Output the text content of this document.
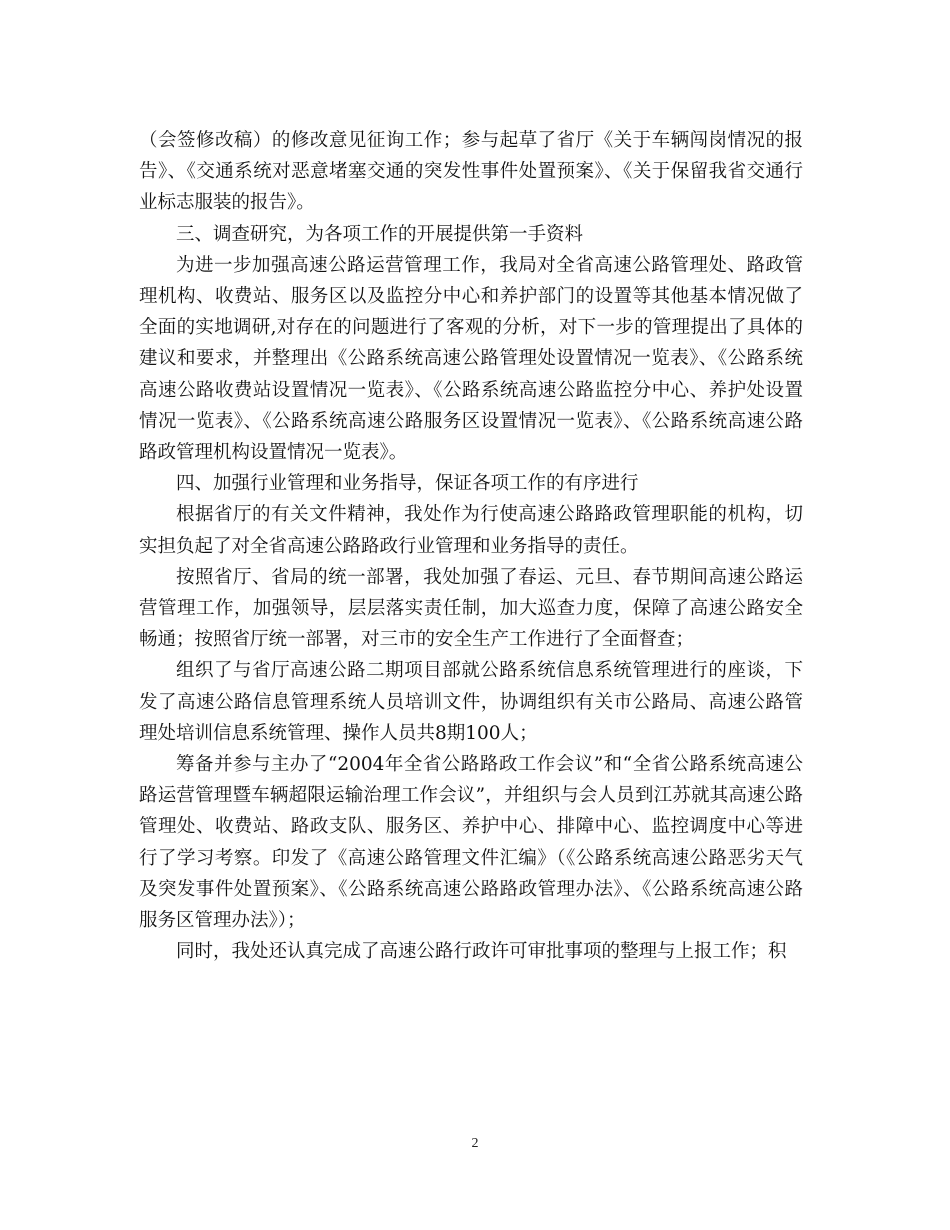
（会签修改稿）的修改意见征询工作；参与起草了省厅《关于车辆闯岗情况的报告》、《交通系统对恶意堵塞交通的突发性事件处置预案》、《关于保留我省交通行业标志服装的报告》。

三、调查研究，为各项工作的开展提供第一手资料

为进一步加强高速公路运营管理工作，我局对全省高速公路管理处、路政管理机构、收费站、服务区以及监控分中心和养护部门的设置等其他基本情况做了全面的实地调研,对存在的问题进行了客观的分析，对下一步的管理提出了具体的建议和要求，并整理出《公路系统高速公路管理处设置情况一览表》、《公路系统高速公路收费站设置情况一览表》、《公路系统高速公路监控分中心、养护处设置情况一览表》、《公路系统高速公路服务区设置情况一览表》、《公路系统高速公路路政管理机构设置情况一览表》。

四、加强行业管理和业务指导，保证各项工作的有序进行

根据省厅的有关文件精神，我处作为行使高速公路路政管理职能的机构，切实担负起了对全省高速公路路政行业管理和业务指导的责任。

按照省厅、省局的统一部署，我处加强了春运、元旦、春节期间高速公路运营管理工作，加强领导，层层落实责任制，加大巡查力度，保障了高速公路安全畅通；按照省厅统一部署，对三市的安全生产工作进行了全面督查；

组织了与省厅高速公路二期项目部就公路系统信息系统管理进行的座谈，下发了高速公路信息管理系统人员培训文件，协调组织有关市公路局、高速公路管理处培训信息系统管理、操作人员共8期100人；

筹备并参与主办了“2004年全省公路路政工作会议”和“全省公路系统高速公路运营管理暨车辆超限运输治理工作会议”，并组织与会人员到江苏就其高速公路管理处、收费站、路政支队、服务区、养护中心、排障中心、监控调度中心等进行了学习考察。印发了《高速公路管理文件汇编》（《公路系统高速公路恶劣天气及突发事件处置预案》、《公路系统高速公路路政管理办法》、《公路系统高速公路服务区管理办法》）；

同时，我处还认真完成了高速公路行政许可审批事项的整理与上报工作；积

2
